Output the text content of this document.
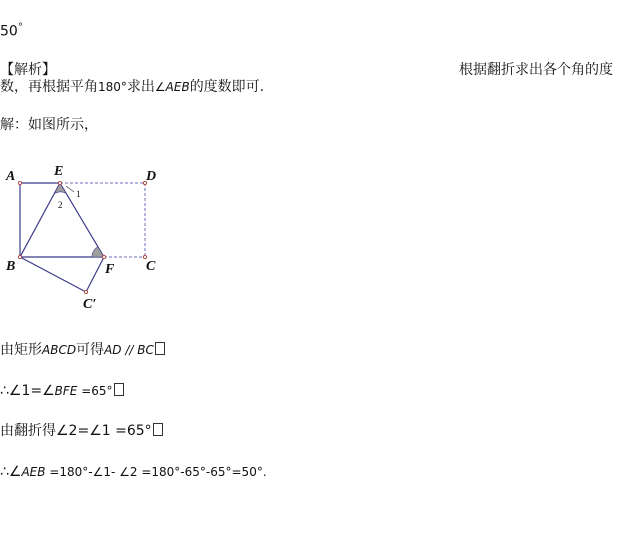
50°
【解析】	根据翻折求出各个角的度
数，再根据平角180°求出∠AEB的度数即可.
解：如图所示，
A	E	D
B	F C
C′
1
2
由矩形ABCD可得AD // BC
∴∠1=∠BFE =65°
由翻折得∠2=∠1 =65°
∴∠AEB =180°-∠1- ∠2 =180°-65°-65°=50°.
